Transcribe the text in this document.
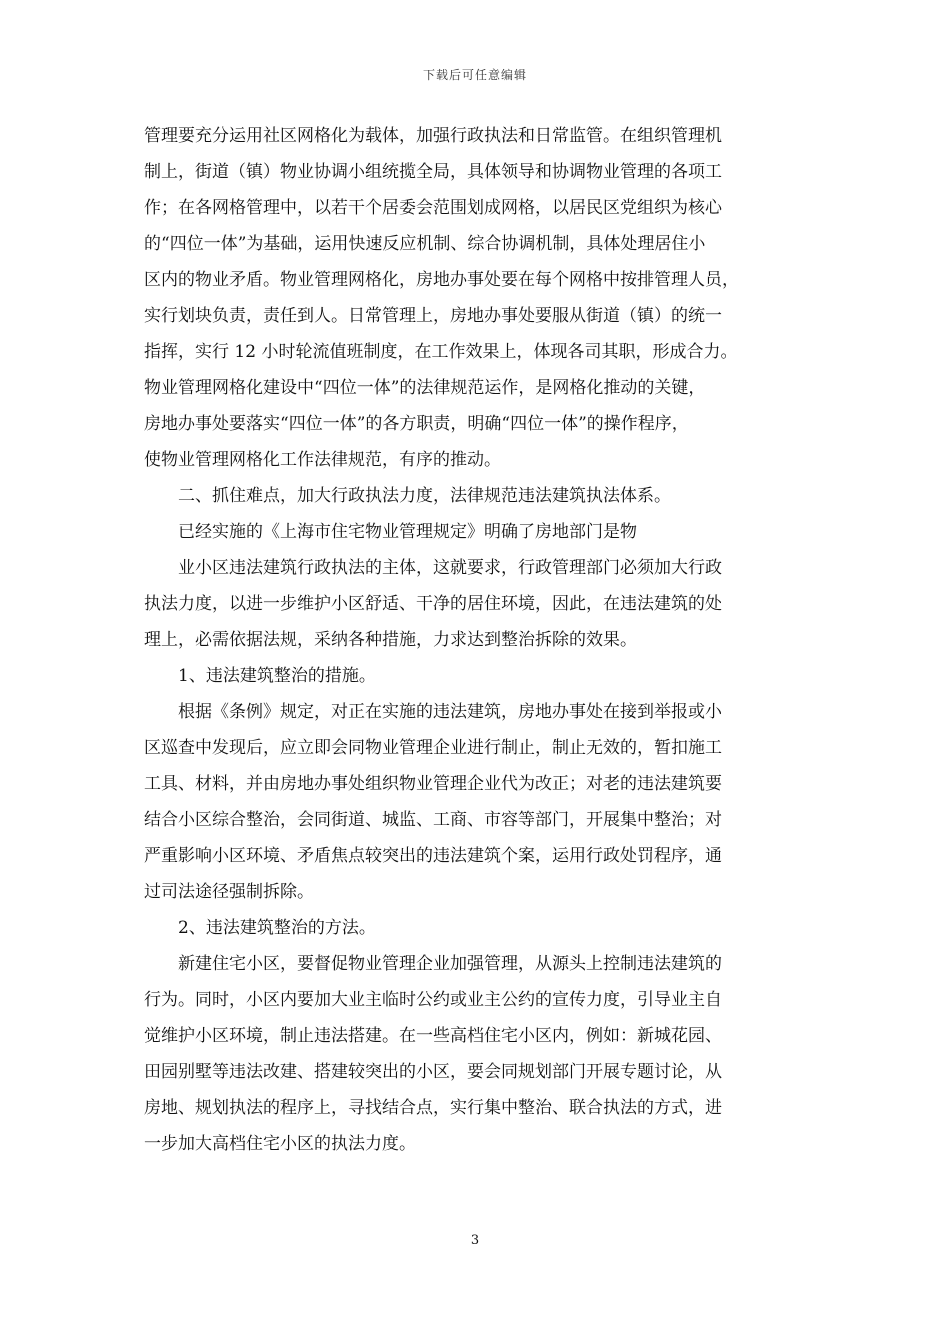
下载后可任意编辑
管理要充分运用社区网格化为载体，加强行政执法和日常监管。在组织管理机
制上，街道（镇）物业协调小组统揽全局，具体领导和协调物业管理的各项工
作；在各网格管理中，以若干个居委会范围划成网格，以居民区党组织为核心
的“四位一体”为基础，运用快速反应机制、综合协调机制，具体处理居住小
区内的物业矛盾。物业管理网格化，房地办事处要在每个网格中按排管理人员，
实行划块负责，责任到人。日常管理上，房地办事处要服从街道（镇）的统一
指挥，实行 12 小时轮流值班制度，在工作效果上，体现各司其职，形成合力。
物业管理网格化建设中“四位一体”的法律规范运作，是网格化推动的关键，
房地办事处要落实“四位一体”的各方职责，明确“四位一体”的操作程序，
使物业管理网格化工作法律规范，有序的推动。
二、抓住难点，加大行政执法力度，法律规范违法建筑执法体系。
已经实施的《上海市住宅物业管理规定》明确了房地部门是物
业小区违法建筑行政执法的主体，这就要求，行政管理部门必须加大行政
执法力度，以进一步维护小区舒适、干净的居住环境，因此，在违法建筑的处
理上，必需依据法规，采纳各种措施，力求达到整治拆除的效果。
1、违法建筑整治的措施。
根据《条例》规定，对正在实施的违法建筑，房地办事处在接到举报或小
区巡查中发现后，应立即会同物业管理企业进行制止，制止无效的，暂扣施工
工具、材料，并由房地办事处组织物业管理企业代为改正；对老的违法建筑要
结合小区综合整治，会同街道、城监、工商、市容等部门，开展集中整治；对
严重影响小区环境、矛盾焦点较突出的违法建筑个案，运用行政处罚程序，通
过司法途径强制拆除。
2、违法建筑整治的方法。
新建住宅小区，要督促物业管理企业加强管理，从源头上控制违法建筑的
行为。同时，小区内要加大业主临时公约或业主公约的宣传力度，引导业主自
觉维护小区环境，制止违法搭建。在一些高档住宅小区内，例如：新城花园、
田园别墅等违法改建、搭建较突出的小区，要会同规划部门开展专题讨论，从
房地、规划执法的程序上，寻找结合点，实行集中整治、联合执法的方式，进
一步加大高档住宅小区的执法力度。
3
